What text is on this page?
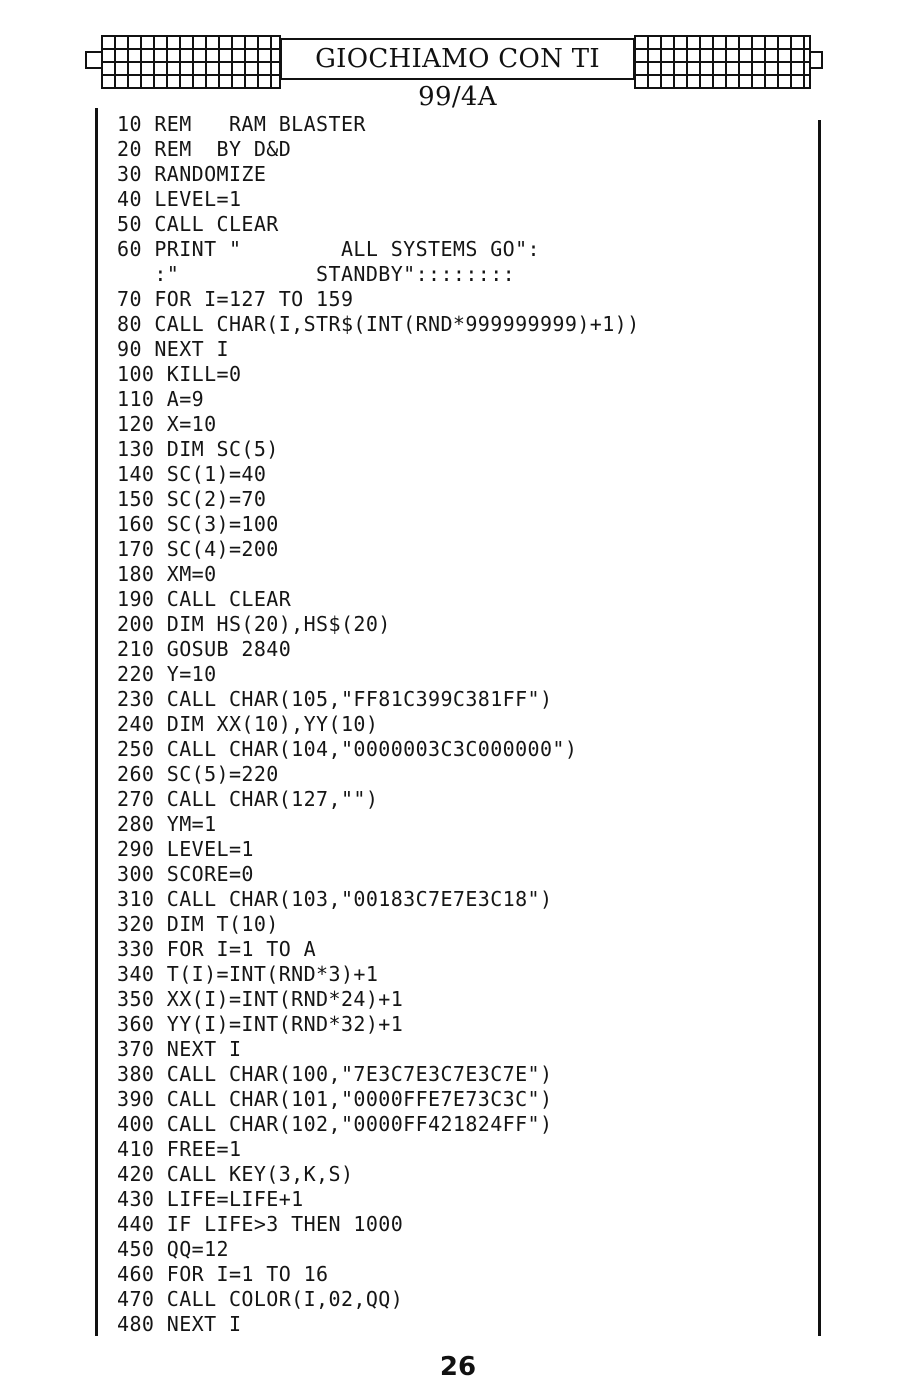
GIOCHIAMO CON TI 99/4A
10 REM   RAM BLASTER
20 REM  BY D&D
30 RANDOMIZE
40 LEVEL=1
50 CALL CLEAR
60 PRINT "        ALL SYSTEMS GO":
:"           STANDBY"::::::::
70 FOR I=127 TO 159
80 CALL CHAR(I,STR$(INT(RND*999999999)+1))
90 NEXT I
100 KILL=0
110 A=9
120 X=10
130 DIM SC(5)
140 SC(1)=40
150 SC(2)=70
160 SC(3)=100
170 SC(4)=200
180 XM=0
190 CALL CLEAR
200 DIM HS(20),HS$(20)
210 GOSUB 2840
220 Y=10
230 CALL CHAR(105,"FF81C399C381FF")
240 DIM XX(10),YY(10)
250 CALL CHAR(104,"0000003C3C000000")
260 SC(5)=220
270 CALL CHAR(127,"")
280 YM=1
290 LEVEL=1
300 SCORE=0
310 CALL CHAR(103,"00183C7E7E3C18")
320 DIM T(10)
330 FOR I=1 TO A
340 T(I)=INT(RND*3)+1
350 XX(I)=INT(RND*24)+1
360 YY(I)=INT(RND*32)+1
370 NEXT I
380 CALL CHAR(100,"7E3C7E3C7E3C7E")
390 CALL CHAR(101,"0000FFE7E73C3C")
400 CALL CHAR(102,"0000FF421824FF")
410 FREE=1
420 CALL KEY(3,K,S)
430 LIFE=LIFE+1
440 IF LIFE>3 THEN 1000
450 QQ=12
460 FOR I=1 TO 16
470 CALL COLOR(I,02,QQ)
480 NEXT I
26
